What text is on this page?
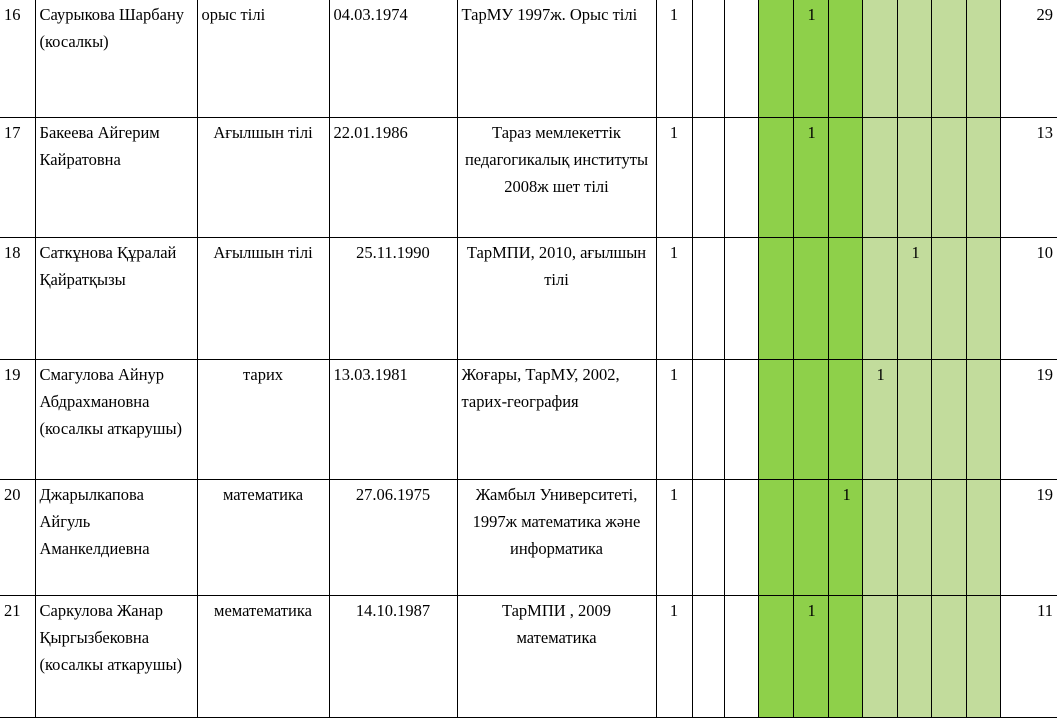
16	Саурыкова Шарбану (косалкы)	орыс тілі	04.03.1974	ТарМУ 1997ж. Орыс тілі	1				1						29
17	Бакеева Айгерим Кайратовна	Ағылшын тілі	22.01.1986	Тараз мемлекеттік педагогикалық институты 2008ж шет тілі	1				1						13
18	Саткұнова Құралай Қайратқызы	Ағылшын тілі	25.11.1990	ТарМПИ, 2010, ағылшын тілі	1							1			10
19	Смагулова Айнур Абдрахмановна (косалкы аткарушы)	тарих	13.03.1981	Жоғары, ТарМУ, 2002, тарих-география	1						1				19
20	Джарылкапова Айгуль Аманкелдиевна	математика	27.06.1975	Жамбыл Университеті, 1997ж математика және информатика	1					1					19
21	Саркулова Жанар Қыргызбековна (косалкы аткарушы)	мематематика	14.10.1987	ТарМПИ , 2009 математика	1				1						11
